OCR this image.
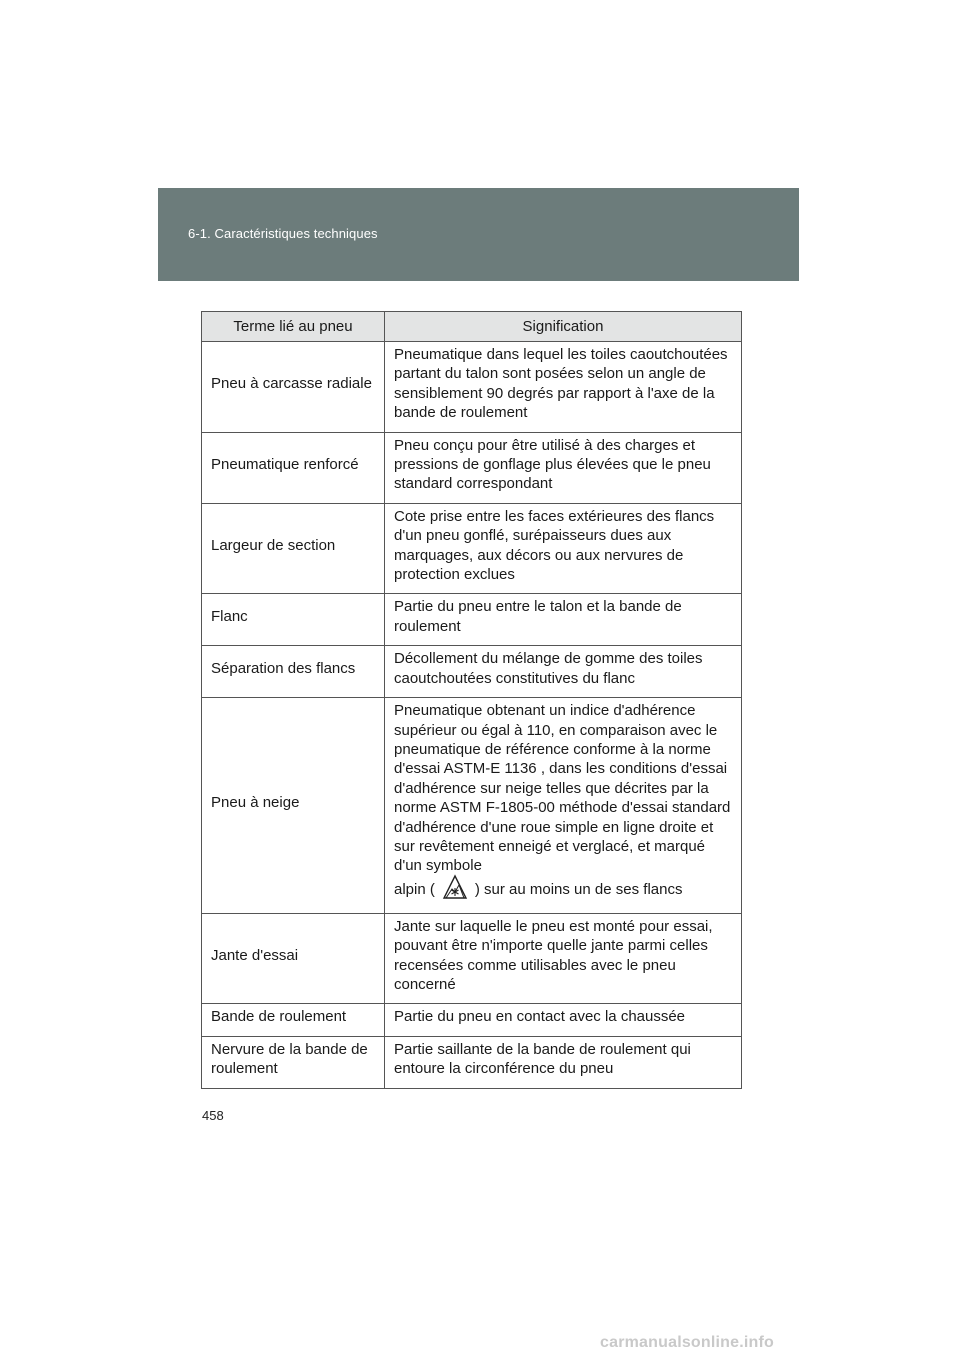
6-1. Caractéristiques techniques
Terme lié au pneu	Signification
Pneu à carcasse radiale	Pneumatique dans lequel les toiles caoutchoutées partant du talon sont posées selon un angle de sensiblement 90 degrés par rapport à l'axe de la bande de roulement
Pneumatique renforcé	Pneu conçu pour être utilisé à des charges et pressions de gonflage plus élevées que le pneu standard correspondant
Largeur de section	Cote prise entre les faces extérieures des flancs d'un pneu gonflé, surépaisseurs dues aux marquages, aux décors ou aux nervures de protection exclues
Flanc	Partie du pneu entre le talon et la bande de roulement
Séparation des flancs	Décollement du mélange de gomme des toiles caoutchoutées constitutives du flanc
Pneu à neige	Pneumatique obtenant un indice d'adhérence supérieur ou égal à 110, en comparaison avec le pneumatique de référence conforme à la norme d'essai ASTM-E 1136 , dans les conditions d'essai d'adhérence sur neige telles que décrites par la norme ASTM F-1805-00 méthode d'essai standard d'adhérence d'une roue simple en ligne droite et sur revêtement enneigé et verglacé, et marqué d'un symbole
alpin ( ) sur au moins un de ses flancs
Jante d'essai	Jante sur laquelle le pneu est monté pour essai, pouvant être n'importe quelle jante parmi celles recensées comme utilisables avec le pneu concerné
Bande de roulement	Partie du pneu en contact avec la chaussée
Nervure de la bande de roulement	Partie saillante de la bande de roulement qui entoure la circonférence du pneu
458
carmanualsonline.info
